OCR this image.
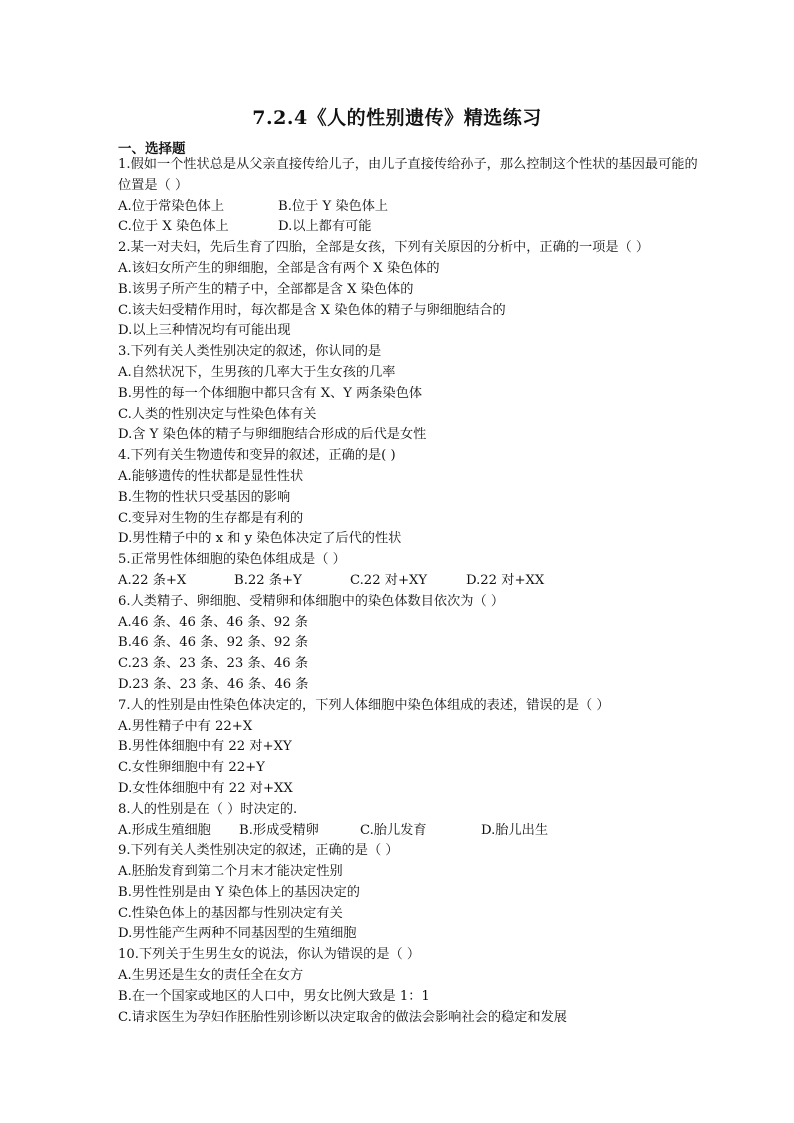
7.2.4《人的性别遗传》精选练习
一、选择题
1.假如一个性状总是从父亲直接传给儿子，由儿子直接传给孙子，那么控制这个性状的基因最可能的位置是（ ）
A.位于常染色体上	B.位于 Y 染色体上
C.位于 X 染色体上	D.以上都有可能
2.某一对夫妇，先后生育了四胎，全部是女孩，下列有关原因的分析中，正确的一项是（ ）
A.该妇女所产生的卵细胞，全部是含有两个 X 染色体的
B.该男子所产生的精子中，全部都是含 X 染色体的
C.该夫妇受精作用时，每次都是含 X 染色体的精子与卵细胞结合的
D.以上三种情况均有可能出现
3.下列有关人类性别决定的叙述，你认同的是
A.自然状况下，生男孩的几率大于生女孩的几率
B.男性的每一个体细胞中都只含有 X、Y 两条染色体
C.人类的性别决定与性染色体有关
D.含 Y 染色体的精子与卵细胞结合形成的后代是女性
4.下列有关生物遗传和变异的叙述，正确的是( )
A.能够遗传的性状都是显性性状
B.生物的性状只受基因的影响
C.变异对生物的生存都是有利的
D.男性精子中的 x 和 y 染色体决定了后代的性状
5.正常男性体细胞的染色体组成是（ ）
A.22 条+X	B.22 条+Y	C.22 对+XY	D.22 对+XX
6.人类精子、卵细胞、受精卵和体细胞中的染色体数目依次为（ ）
A.46 条、46 条、46 条、92 条
B.46 条、46 条、92 条、92 条
C.23 条、23 条、23 条、46 条
D.23 条、23 条、46 条、46 条
7.人的性别是由性染色体决定的，下列人体细胞中染色体组成的表述，错误的是（ ）
A.男性精子中有 22+X
B.男性体细胞中有 22 对+XY
C.女性卵细胞中有 22+Y
D.女性体细胞中有 22 对+XX
8.人的性别是在（ ）时决定的.
A.形成生殖细胞	B.形成受精卵	C.胎儿发育	D.胎儿出生
9.下列有关人类性别决定的叙述，正确的是（ ）
A.胚胎发育到第二个月末才能决定性别
B.男性性别是由 Y 染色体上的基因决定的
C.性染色体上的基因都与性别决定有关
D.男性能产生两种不同基因型的生殖细胞
10.下列关于生男生女的说法，你认为错误的是（ ）
A.生男还是生女的责任全在女方
B.在一个国家或地区的人口中，男女比例大致是 1：1
C.请求医生为孕妇作胚胎性别诊断以决定取舍的做法会影响社会的稳定和发展
